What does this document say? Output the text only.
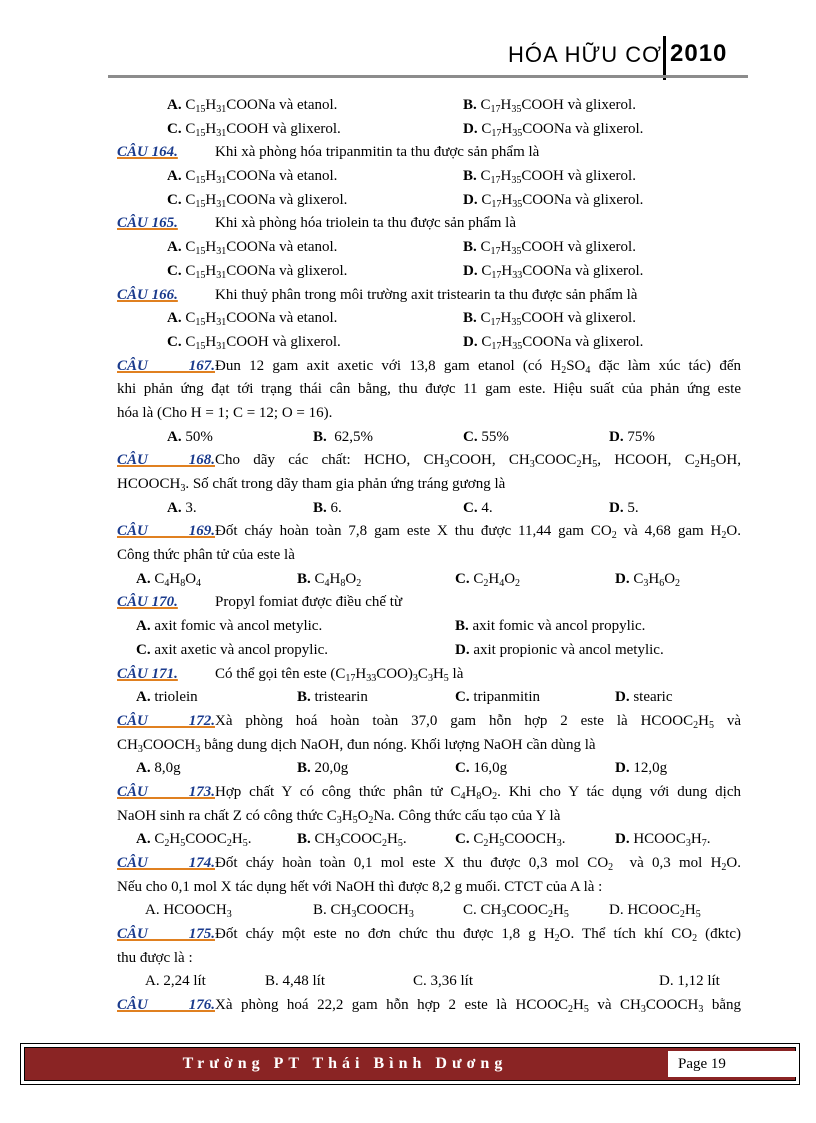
HÓA HỮU CƠ 2010
A. $C_{15}H_{31}COONa$ và etanol.	B. $C_{17}H_{35}COOH$ và glixerol.
C. $C_{15}H_{31}COOH$ và glixerol.	D. $C_{17}H_{35}COONa$ và glixerol.
CÂU 164. Khi xà phòng hóa tripanmitin ta thu được sản phẩm là
A. $C_{15}H_{31}COONa$ và etanol.	B. $C_{17}H_{35}COOH$ và glixerol.
C. $C_{15}H_{31}COONa$ và glixerol.	D. $C_{17}H_{35}COONa$ và glixerol.
CÂU 165. Khi xà phòng hóa triolein ta thu được sản phẩm là
A. $C_{15}H_{31}COONa$ và etanol.	B. $C_{17}H_{35}COOH$ và glixerol.
C. $C_{15}H_{31}COONa$ và glixerol.	D. $C_{17}H_{33}COONa$ và glixerol.
CÂU 166. Khi thuỷ phân trong môi trường axit tristearin ta thu được sản phẩm là
A. $C_{15}H_{31}COONa$ và etanol.	B. $C_{17}H_{35}COOH$ và glixerol.
C. $C_{15}H_{31}COOH$ và glixerol.	D. $C_{17}H_{35}COONa$ và glixerol.
CÂU 167.Đun 12 gam axit axetic với 13,8 gam etanol (có $H_2SO_4$ đặc làm xúc tác) đến
khi phản ứng đạt tới trạng thái cân bằng, thu được 11 gam este. Hiệu suất của phản ứng este
hóa là (Cho H = 1; C = 12; O = 16).
A. 50%	B.  62,5%	C. 55%	D. 75%
CÂU 168.Cho dãy các chất: HCHO, $CH_3COOH$, $CH_3COOC_2H_5$, HCOOH, $C_2H_5OH$,
$HCOOCH_3$. Số chất trong dãy tham gia phản ứng tráng gương là
A. 3.	B. 6.	C. 4.	D. 5.
CÂU 169.Đốt cháy hoàn toàn 7,8 gam este X thu được 11,44 gam $CO_2$ và 4,68 gam $H_2O$.
Công thức phân tử của este là
A. $C_4H_8O_4$	B. $C_4H_8O_2$	C. $C_2H_4O_2$	D. $C_3H_6O_2$
CÂU 170. Propyl fomiat được điều chế từ
A. axit fomic và ancol metylic.	B. axit fomic và ancol propylic.
C. axit axetic và ancol propylic.	D. axit propionic và ancol metylic.
CÂU 171. Có thể gọi tên este $(C_{17}H_{33}COO)_3C_3H_5$ là
A. triolein	B. tristearin	C. tripanmitin	D. stearic
CÂU 172.Xà phòng hoá hoàn toàn 37,0 gam hỗn hợp 2 este là $HCOOC_2H_5$ và
$CH_3COOCH_3$ bằng dung dịch NaOH, đun nóng. Khối lượng NaOH cần dùng là
A. 8,0g	B. 20,0g	C. 16,0g	D. 12,0g
CÂU 173.Hợp chất Y có công thức phân tử $C_4H_8O_2$. Khi cho Y tác dụng với dung dịch
NaOH sinh ra chất Z có công thức $C_3H_5O_2Na$. Công thức cấu tạo của Y là
A. $C_2H_5COOC_2H_5$.	B. $CH_3COOC_2H_5$.	C. $C_2H_5COOCH_3$.	D. $HCOOC_3H_7$.
CÂU 174.Đốt cháy hoàn toàn 0,1 mol este X thu được 0,3 mol $CO_2$  và 0,3 mol $H_2O$.
Nếu cho 0,1 mol X tác dụng hết với NaOH thì được 8,2 g muối. CTCT của A là :
A. $HCOOCH_3$	B. $CH_3COOCH_3$	C. $CH_3COOC_2H_5$	D. $HCOOC_2H_5$
CÂU 175.Đốt cháy một este no đơn chức thu được 1,8 g $H_2O$. Thể tích khí $CO_2$ (đktc)
thu được là :
A. 2,24 lít	B. 4,48 lít	C. 3,36 lít	D. 1,12 lít
CÂU 176.Xà phòng hoá 22,2 gam hỗn hợp 2 este là $HCOOC_2H_5$ và $CH_3COOCH_3$ bằng
Trường PT Thái Bình Dương	Page 19
